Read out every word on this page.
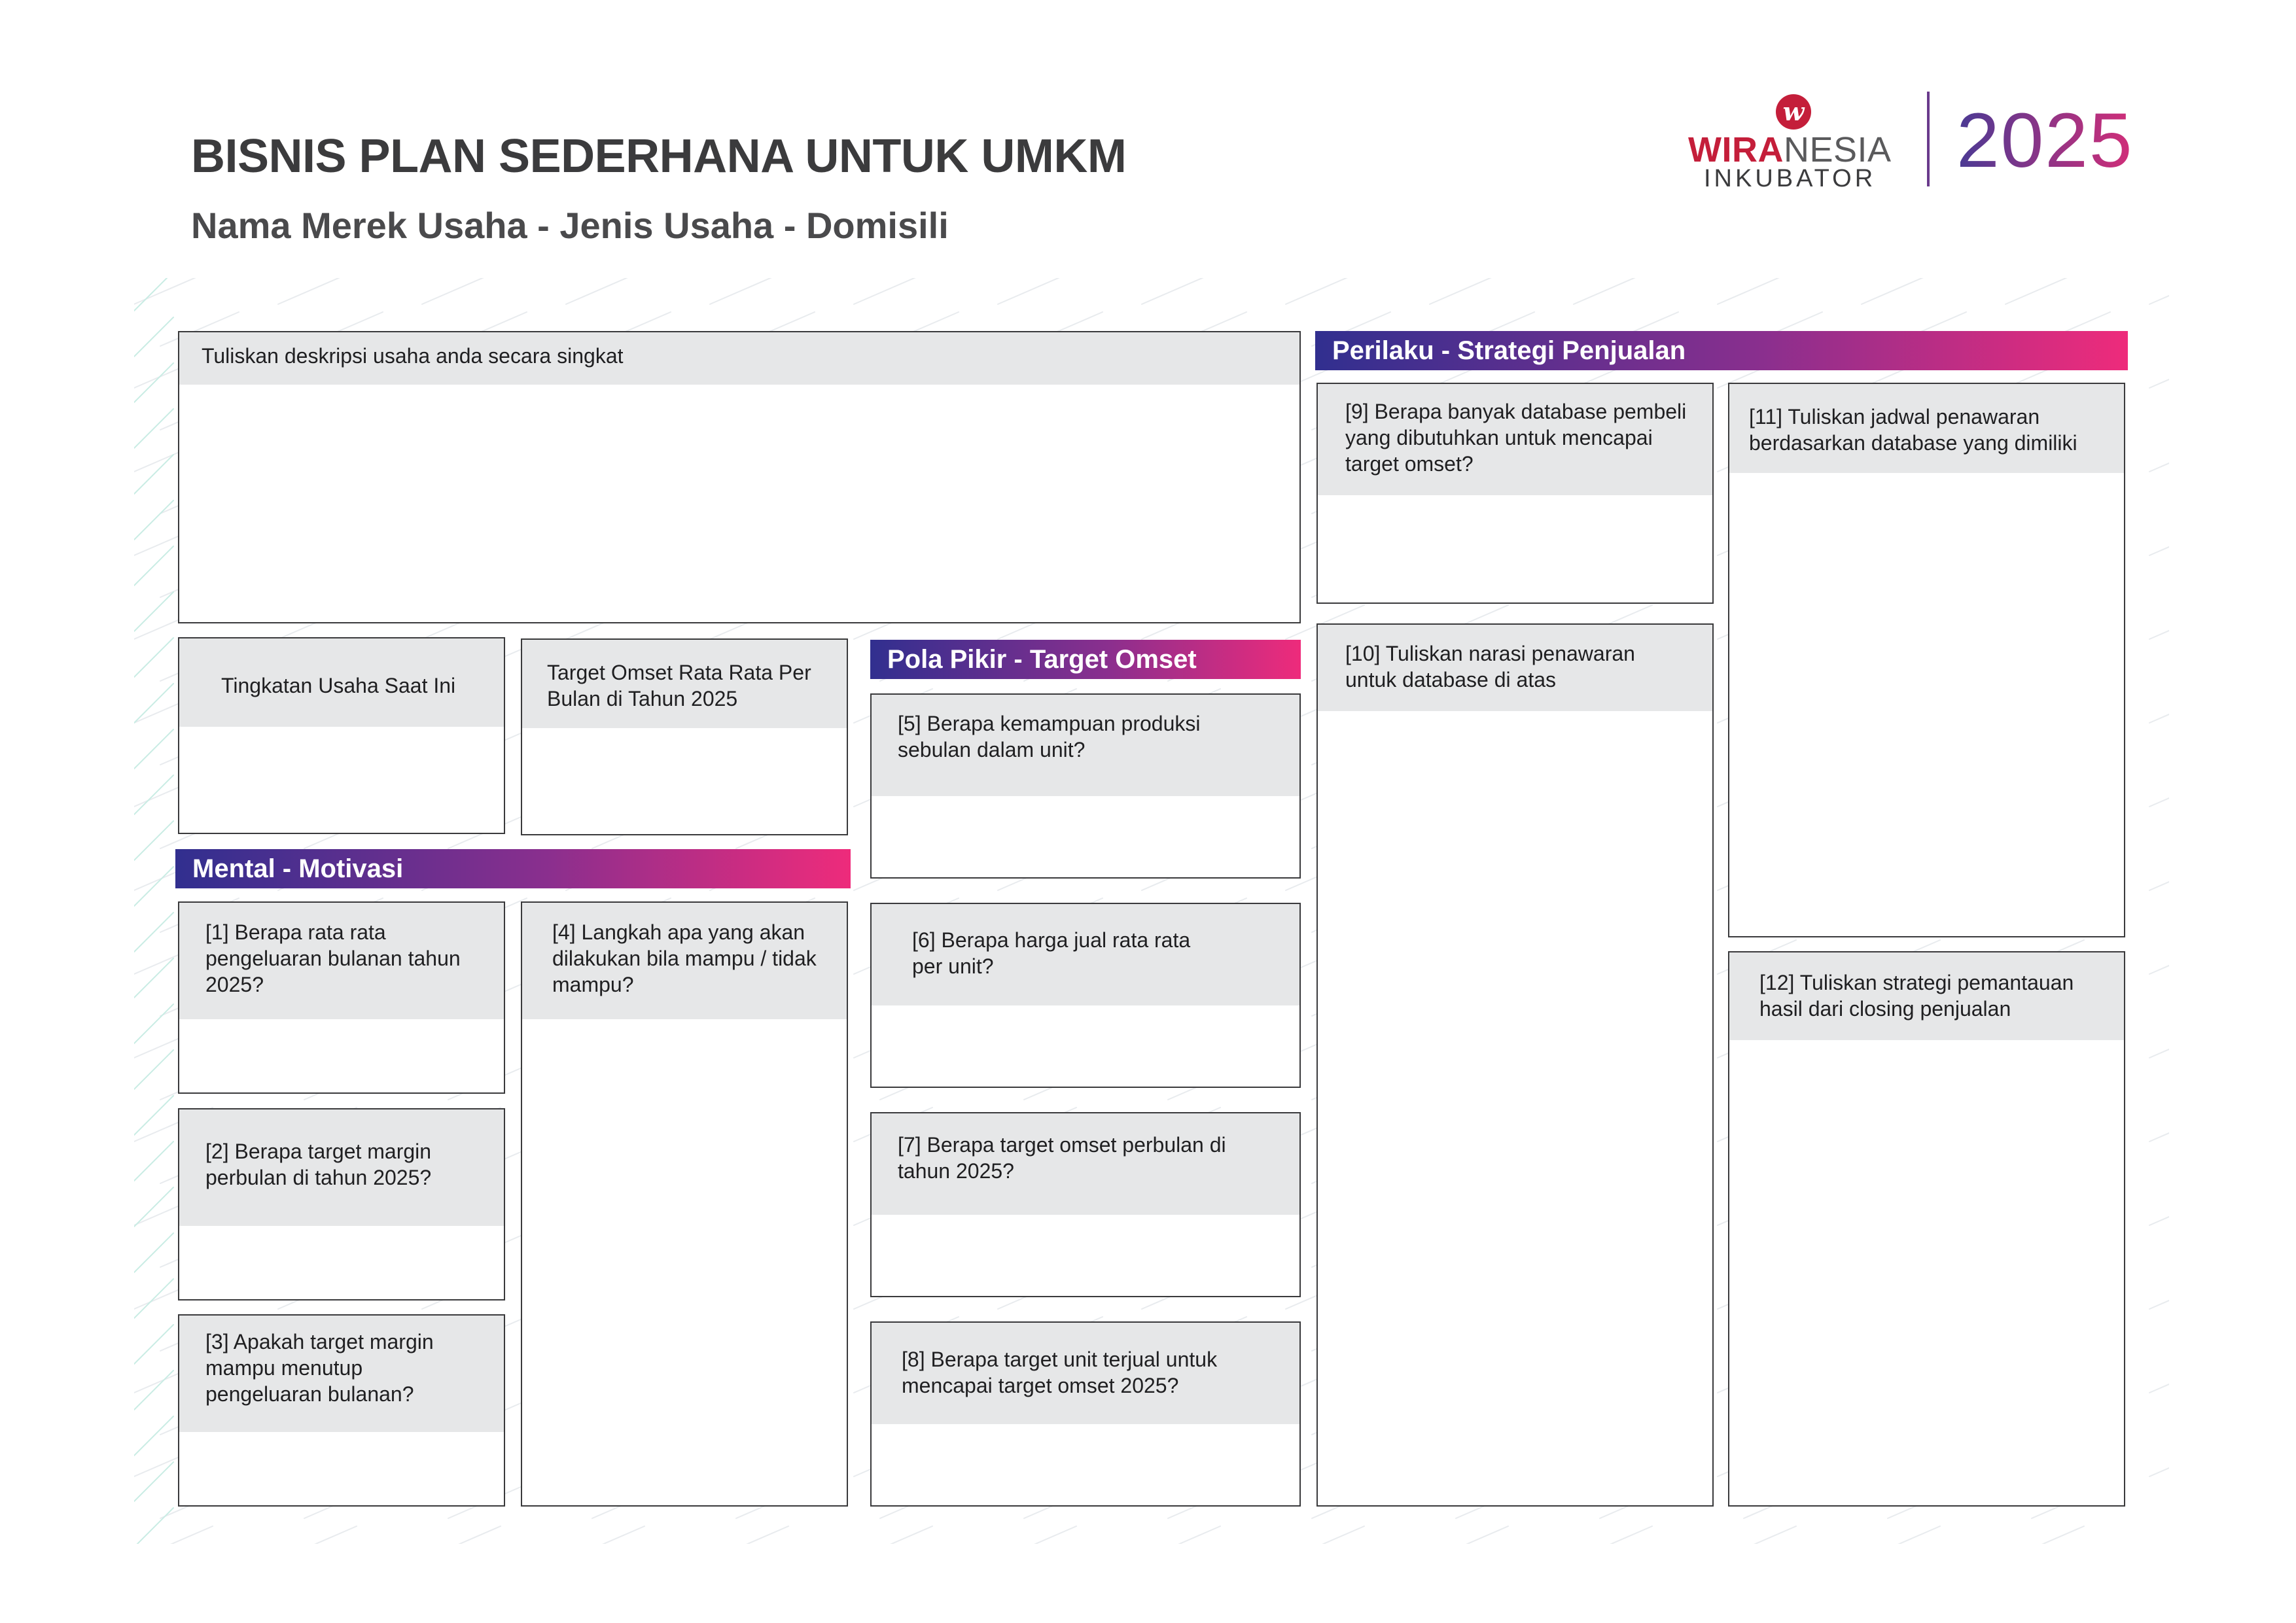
BISNIS PLAN SEDERHANA UNTUK UMKM
Nama Merek Usaha - Jenis Usaha - Domisili
w
WIRANESIA
INKUBATOR 2025
Tuliskan deskripsi usaha anda secara singkat
Tingkatan Usaha Saat Ini
Target Omset Rata Rata Per Bulan di Tahun 2025
Mental - Motivasi
[1] Berapa rata rata pengeluaran bulanan tahun 2025?
[2] Berapa target margin perbulan di tahun 2025?
[3] Apakah target margin mampu menutup pengeluaran bulanan?
[4] Langkah apa yang akan dilakukan bila mampu / tidak mampu?
Pola Pikir - Target Omset
[5] Berapa kemampuan produksi sebulan dalam unit?
[6] Berapa harga jual rata rata per unit?
[7] Berapa target omset perbulan di tahun 2025?
[8] Berapa target unit terjual untuk mencapai target omset 2025?
Perilaku - Strategi Penjualan
[9] Berapa banyak database pembeli yang dibutuhkan untuk mencapai target omset?
[10] Tuliskan narasi penawaran untuk database di atas
[11] Tuliskan jadwal penawaran berdasarkan database yang dimiliki
[12] Tuliskan strategi pemantauan hasil dari closing penjualan
